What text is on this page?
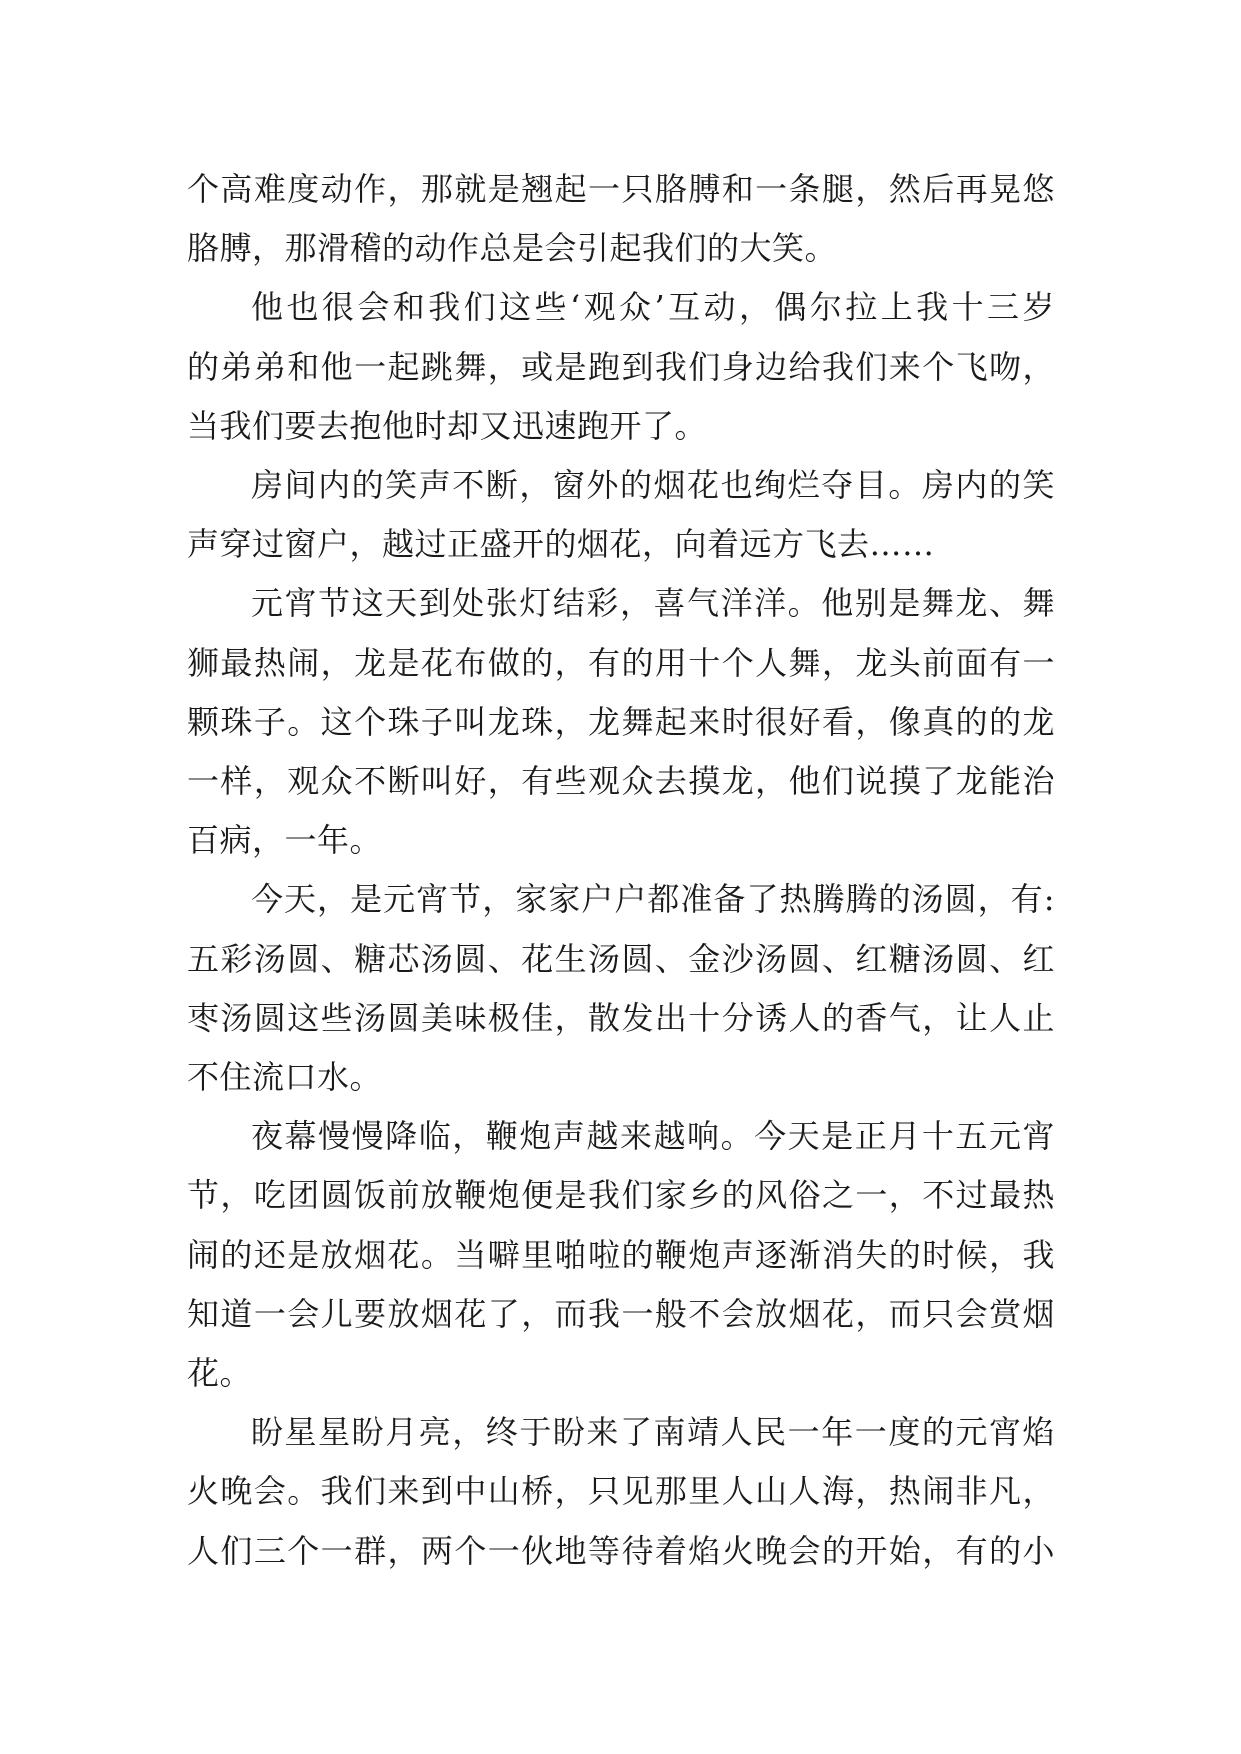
个高难度动作，那就是翘起一只胳膊和一条腿，然后再晃悠
胳膊，那滑稽的动作总是会引起我们的大笑。

他也很会和我们这些‘观众’互动，偶尔拉上我十三岁
的弟弟和他一起跳舞，或是跑到我们身边给我们来个飞吻，
当我们要去抱他时却又迅速跑开了。

房间内的笑声不断，窗外的烟花也绚烂夺目。房内的笑
声穿过窗户，越过正盛开的烟花，向着远方飞去……

元宵节这天到处张灯结彩，喜气洋洋。他别是舞龙、舞
狮最热闹，龙是花布做的，有的用十个人舞，龙头前面有一
颗珠子。这个珠子叫龙珠，龙舞起来时很好看，像真的的龙
一样，观众不断叫好，有些观众去摸龙，他们说摸了龙能治
百病，一年。

今天，是元宵节，家家户户都准备了热腾腾的汤圆，有:
五彩汤圆、糖芯汤圆、花生汤圆、金沙汤圆、红糖汤圆、红
枣汤圆这些汤圆美味极佳，散发出十分诱人的香气，让人止
不住流口水。

夜幕慢慢降临，鞭炮声越来越响。今天是正月十五元宵
节，吃团圆饭前放鞭炮便是我们家乡的风俗之一，不过最热
闹的还是放烟花。当噼里啪啦的鞭炮声逐渐消失的时候，我
知道一会儿要放烟花了，而我一般不会放烟花，而只会赏烟
花。

盼星星盼月亮，终于盼来了南靖人民一年一度的元宵焰
火晚会。我们来到中山桥，只见那里人山人海，热闹非凡，
人们三个一群，两个一伙地等待着焰火晚会的开始，有的小
